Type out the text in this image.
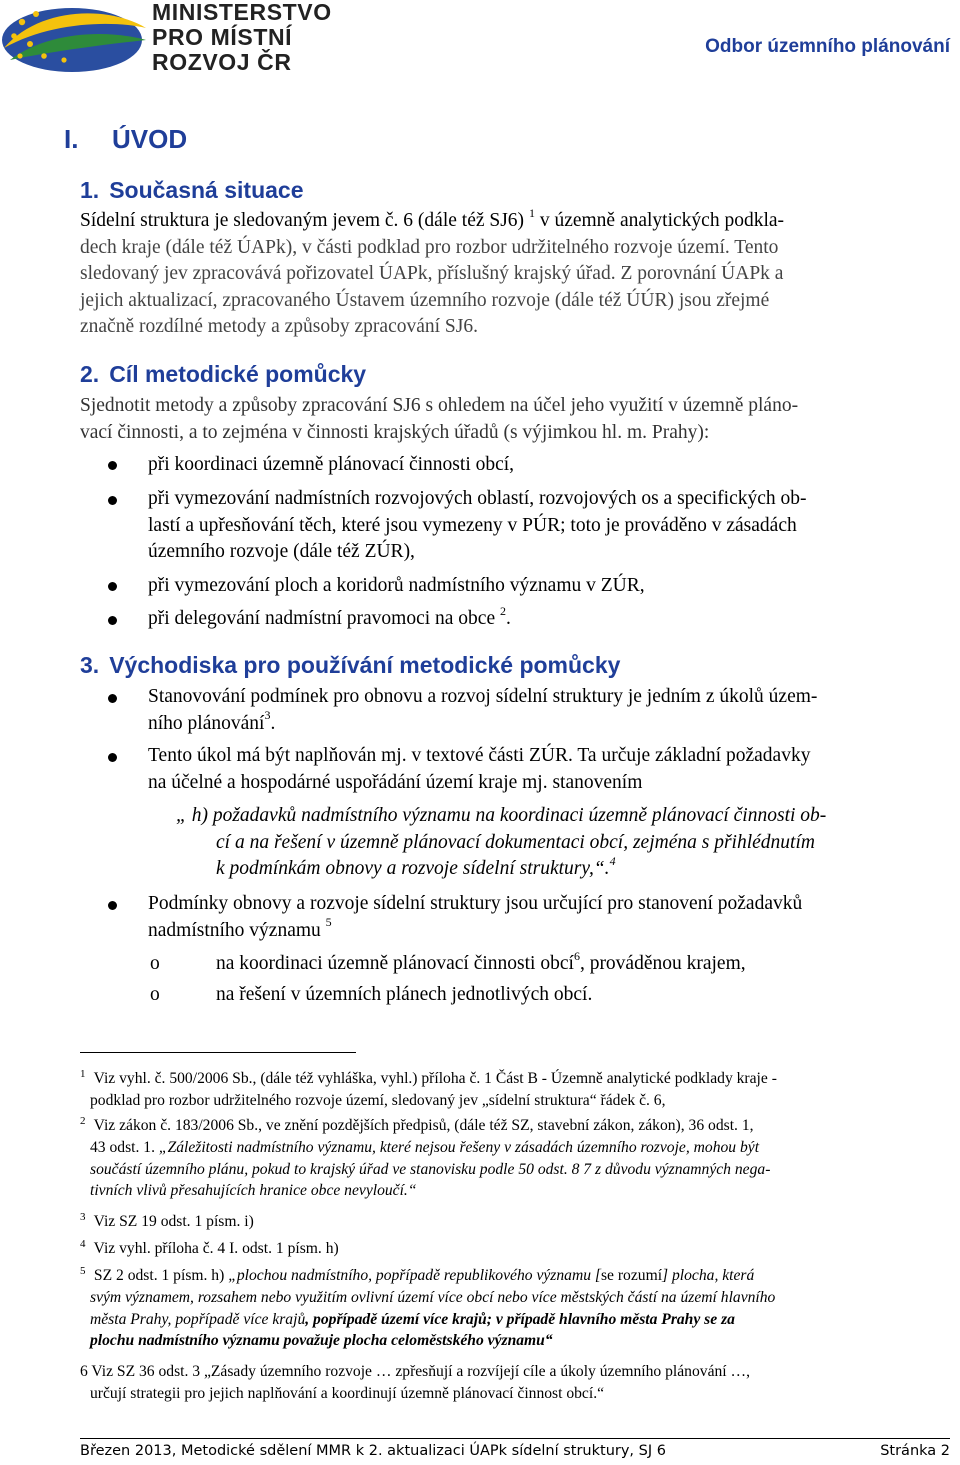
MINISTERSTVO
PRO MÍSTNÍ
ROZVOJ ČR
Odbor územního plánování
I. ÚVOD
1. Současná situace
Sídelní struktura je sledovaným jevem č. 6 (dále též SJ6) $^1$ v územně analytických podkla-
dech kraje (dále též ÚAPk), v části podklad pro rozbor udržitelného rozvoje území. Tento
sledovaný jev zpracovává pořizovatel ÚAPk, příslušný krajský úřad. Z porovnání ÚAPk a
jejich aktualizací, zpracovaného Ústavem územního rozvoje (dále též ÚÚR) jsou zřejmé
značně rozdílné metody a způsoby zpracování SJ6.
2. Cíl metodické pomůcky
Sjednotit metody a způsoby zpracování SJ6 s ohledem na účel jeho využití v územně pláno-
vací činnosti, a to zejména v činnosti krajských úřadů (s výjimkou hl. m. Prahy):
při koordinaci územně plánovací činnosti obcí,
při vymezování nadmístních rozvojových oblastí, rozvojových os a specifických ob-
lastí a upřesňování těch, které jsou vymezeny v PÚR; toto je prováděno v zásadách
územního rozvoje (dále též ZÚR),
při vymezování ploch a koridorů nadmístního významu v ZÚR,
při delegování nadmístní pravomoci na obce $^2$.
3. Východiska pro používání metodické pomůcky
Stanovování podmínek pro obnovu a rozvoj sídelní struktury je jedním z úkolů územ-
ního plánování$^3$.
Tento úkol má být naplňován mj. v textové části ZÚR. Ta určuje základní požadavky
na účelné a hospodárné uspořádání území kraje mj. stanovením
„ h) požadavků nadmístního významu na koordinaci územně plánovací činnosti ob-
cí a na řešení v územně plánovací dokumentaci obcí, zejména s přihlédnutím
k podmínkám obnovy a rozvoje sídelní struktury,“.$^4$
Podmínky obnovy a rozvoje sídelní struktury jsou určující pro stanovení požadavků
nadmístního významu $^5$
o	na koordinaci územně plánovací činnosti obcí$^6$, prováděnou krajem,
o	na řešení v územních plánech jednotlivých obcí.
1 Viz vyhl. č. 500/2006 Sb., (dále též vyhláška, vyhl.) příloha č. 1 Část B - Územně analytické podklady kraje -
podklad pro rozbor udržitelného rozvoje území, sledovaný jev „sídelní struktura“ řádek č. 6,
2 Viz zákon č. 183/2006 Sb., ve znění pozdějších předpisů, (dále též SZ, stavební zákon, zákon), 36 odst. 1,
43 odst. 1. „Záležitosti nadmístního významu, které nejsou řešeny v zásadách územního rozvoje, mohou být
součástí územního plánu, pokud to krajský úřad ve stanovisku podle 50 odst. 8 7 z důvodu významných nega-
tivních vlivů přesahujících hranice obce nevyloučí.“
3 Viz SZ 19 odst. 1 písm. i)
4 Viz vyhl. příloha č. 4 I. odst. 1 písm. h)
5 SZ 2 odst. 1 písm. h) „plochou nadmístního, popřípadě republikového významu [se rozumí] plocha, která
svým významem, rozsahem nebo využitím ovlivní území více obcí nebo více městských částí na území hlavního
města Prahy, popřípadě více krajů, popřípadě území více krajů; v případě hlavního města Prahy se za
plochu nadmístního významu považuje plocha celoměstského významu“
6 Viz SZ 36 odst. 3 „Zásady územního rozvoje … zpřesňují a rozvíjejí cíle a úkoly územního plánování …,
určují strategii pro jejich naplňování a koordinují územně plánovací činnost obcí.“
Březen 2013, Metodické sdělení MMR k 2. aktualizaci ÚAPk sídelní struktury, SJ 6	Stránka 2
